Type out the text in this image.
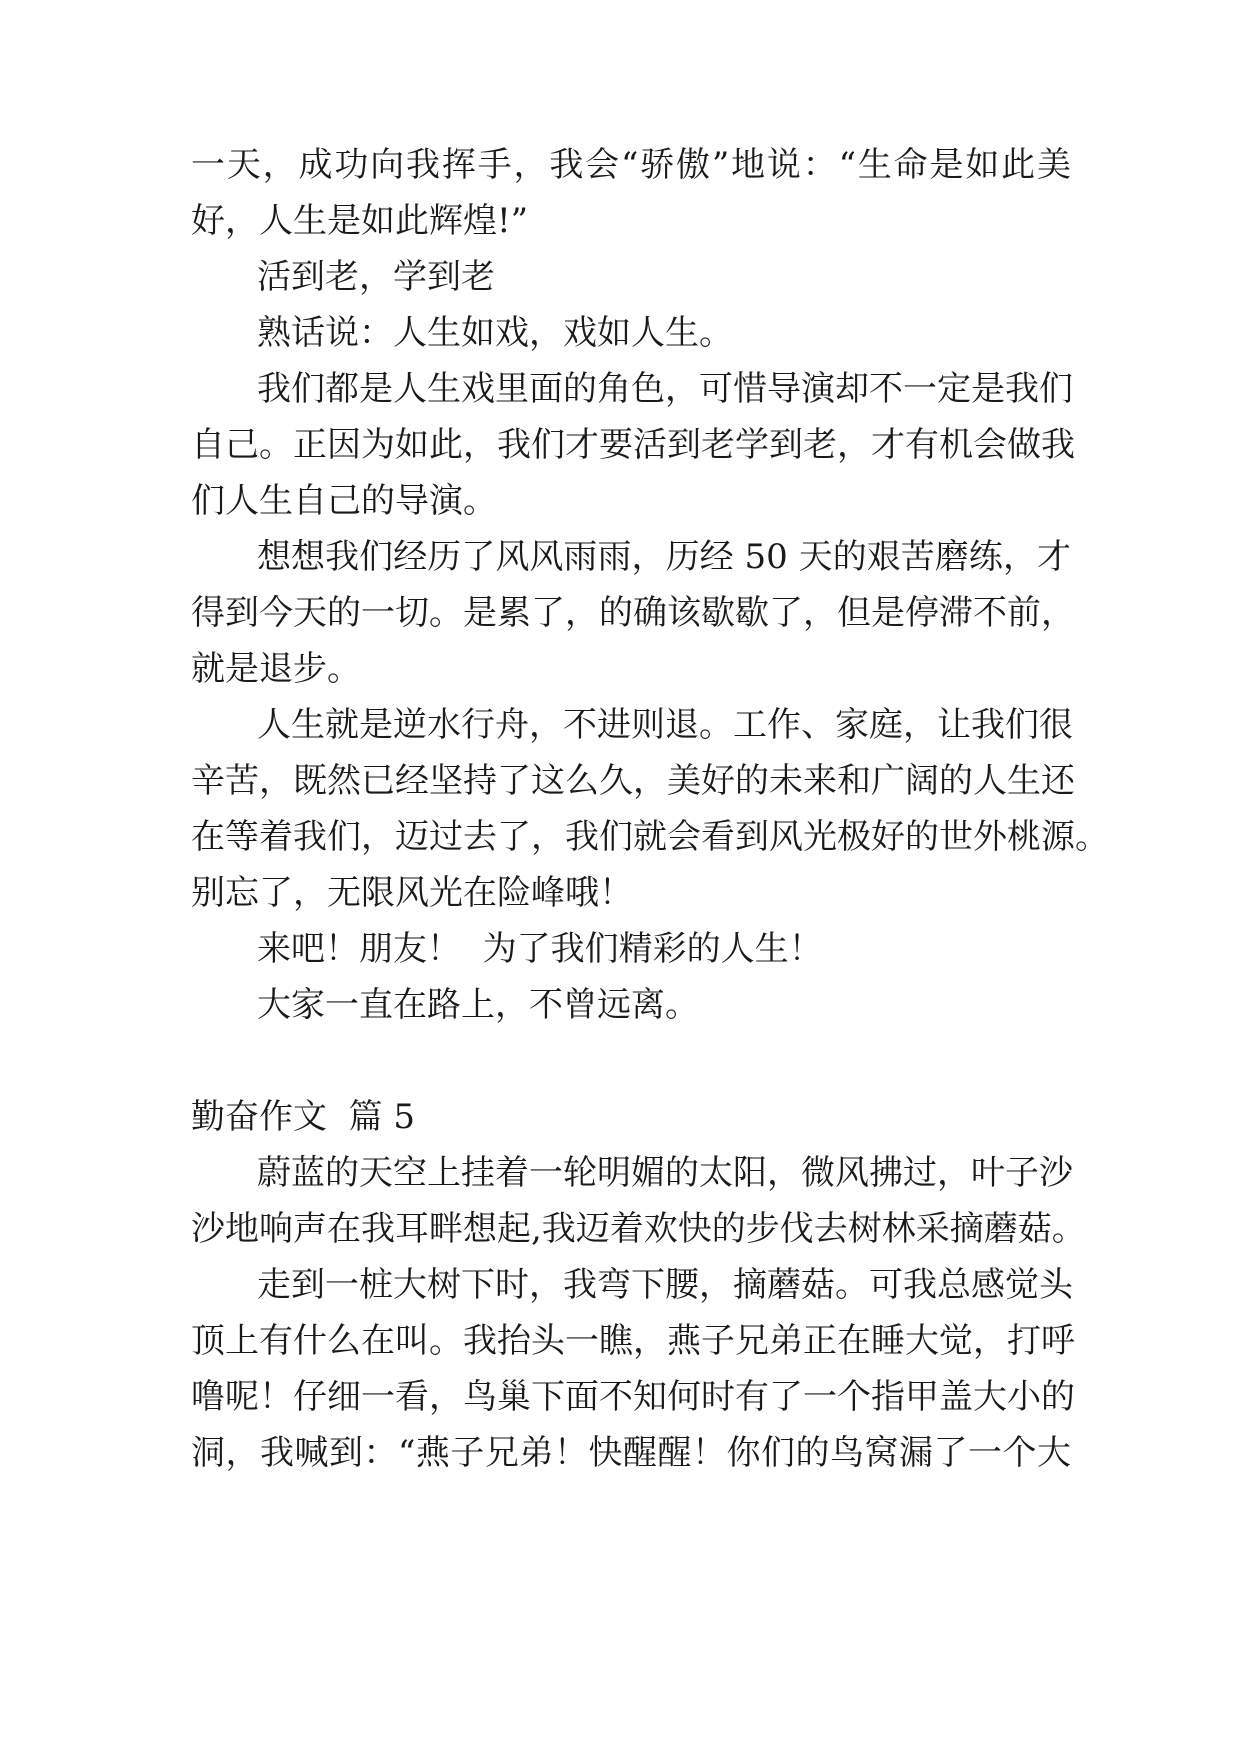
一天，成功向我挥手，我会“骄傲”地说：“生命是如此美
好，人生是如此辉煌!”
活到老，学到老
熟话说：人生如戏，戏如人生。
我们都是人生戏里面的角色，可惜导演却不一定是我们
自己。正因为如此，我们才要活到老学到老，才有机会做我
们人生自己的导演。
想想我们经历了风风雨雨，历经 50 天的艰苦磨练，才
得到今天的一切。是累了，的确该歇歇了，但是停滞不前，
就是退步。
人生就是逆水行舟，不进则退。工作、家庭，让我们很
辛苦，既然已经坚持了这么久，美好的未来和广阔的人生还
在等着我们，迈过去了，我们就会看到风光极好的世外桃源。
别忘了，无限风光在险峰哦！
来吧！朋友！  为了我们精彩的人生！
大家一直在路上，不曾远离。
勤奋作文  篇 5
蔚蓝的天空上挂着一轮明媚的太阳，微风拂过，叶子沙
沙地响声在我耳畔想起,我迈着欢快的步伐去树林采摘蘑菇。
走到一桩大树下时，我弯下腰，摘蘑菇。可我总感觉头
顶上有什么在叫。我抬头一瞧，燕子兄弟正在睡大觉，打呼
噜呢！仔细一看，鸟巢下面不知何时有了一个指甲盖大小的
洞，我喊到：“燕子兄弟！快醒醒！你们的鸟窝漏了一个大
